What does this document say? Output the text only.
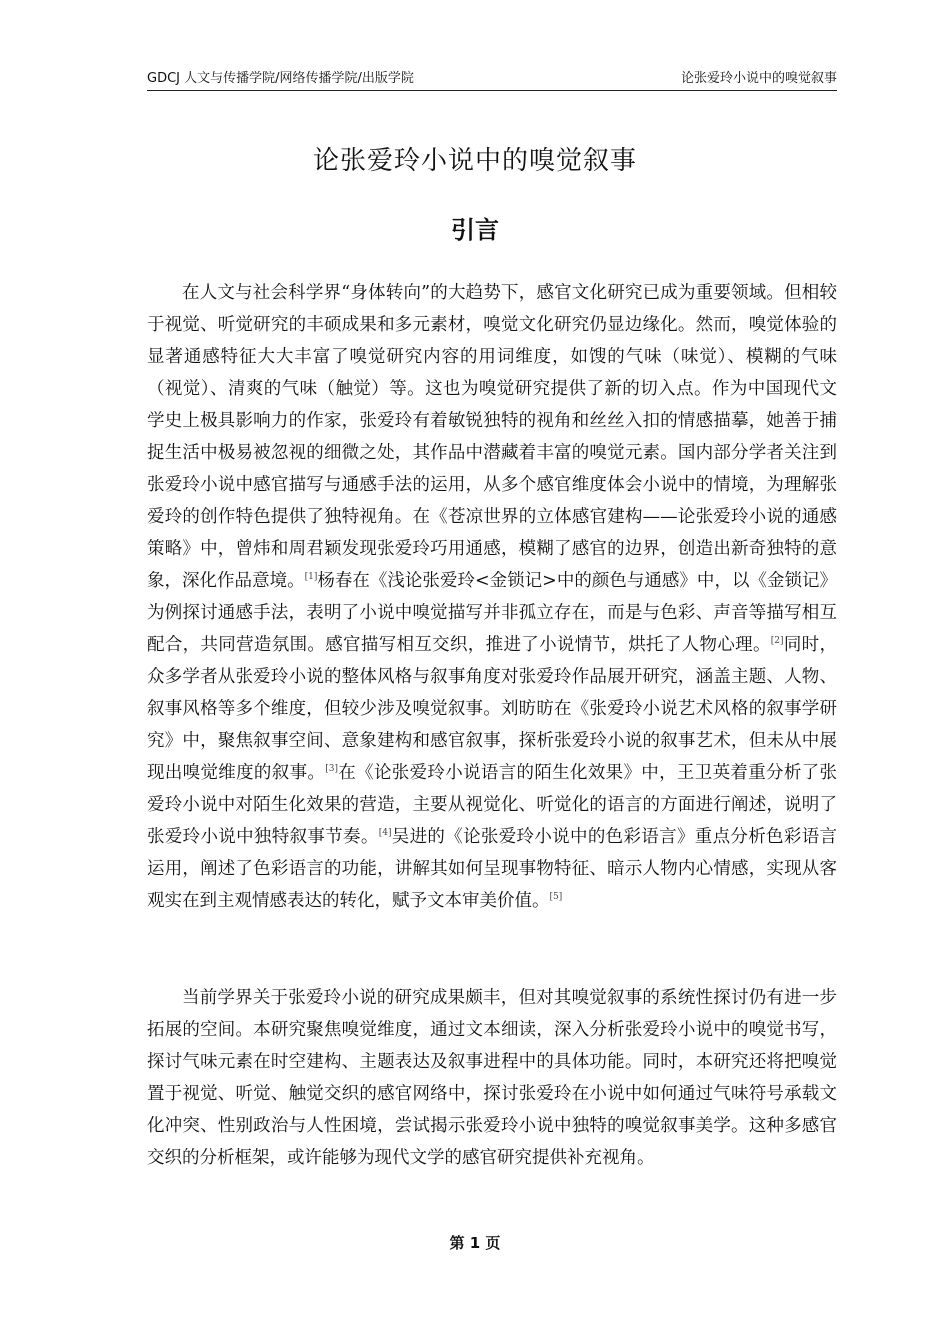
GDCJ 人文与传播学院/网络传播学院/出版学院	论张爱玲小说中的嗅觉叙事
论张爱玲小说中的嗅觉叙事
引言

在人文与社会科学界“身体转向”的大趋势下，感官文化研究已成为重要领域。但相较于视觉、听觉研究的丰硕成果和多元素材，嗅觉文化研究仍显边缘化。然而，嗅觉体验的显著通感特征大大丰富了嗅觉研究内容的用词维度，如馊的气味（味觉）、模糊的气味（视觉）、清爽的气味（触觉）等。这也为嗅觉研究提供了新的切入点。作为中国现代文学史上极具影响力的作家，张爱玲有着敏锐独特的视角和丝丝入扣的情感描摹，她善于捕捉生活中极易被忽视的细微之处，其作品中潜藏着丰富的嗅觉元素。国内部分学者关注到张爱玲小说中感官描写与通感手法的运用，从多个感官维度体会小说中的情境，为理解张爱玲的创作特色提供了独特视角。在《苍凉世界的立体感官建构——论张爱玲小说的通感策略》中，曾炜和周君颖发现张爱玲巧用通感，模糊了感官的边界，创造出新奇独特的意象，深化作品意境。[1]杨春在《浅论张爱玲<金锁记>中的颜色与通感》中，以《金锁记》为例探讨通感手法，表明了小说中嗅觉描写并非孤立存在，而是与色彩、声音等描写相互配合，共同营造氛围。感官描写相互交织，推进了小说情节，烘托了人物心理。[2]同时，众多学者从张爱玲小说的整体风格与叙事角度对张爱玲作品展开研究，涵盖主题、人物、叙事风格等多个维度，但较少涉及嗅觉叙事。刘昉昉在《张爱玲小说艺术风格的叙事学研究》中，聚焦叙事空间、意象建构和感官叙事，探析张爱玲小说的叙事艺术，但未从中展现出嗅觉维度的叙事。[3]在《论张爱玲小说语言的陌生化效果》中，王卫英着重分析了张爱玲小说中对陌生化效果的营造，主要从视觉化、听觉化的语言的方面进行阐述，说明了张爱玲小说中独特叙事节奏。[4]吴进的《论张爱玲小说中的色彩语言》重点分析色彩语言运用，阐述了色彩语言的功能，讲解其如何呈现事物特征、暗示人物内心情感，实现从客观实在到主观情感表达的转化，赋予文本审美价值。[5]

当前学界关于张爱玲小说的研究成果颇丰，但对其嗅觉叙事的系统性探讨仍有进一步拓展的空间。本研究聚焦嗅觉维度，通过文本细读，深入分析张爱玲小说中的嗅觉书写，探讨气味元素在时空建构、主题表达及叙事进程中的具体功能。同时，本研究还将把嗅觉置于视觉、听觉、触觉交织的感官网络中，探讨张爱玲在小说中如何通过气味符号承载文化冲突、性别政治与人性困境，尝试揭示张爱玲小说中独特的嗅觉叙事美学。这种多感官交织的分析框架，或许能够为现代文学的感官研究提供补充视角。

第 1 页
